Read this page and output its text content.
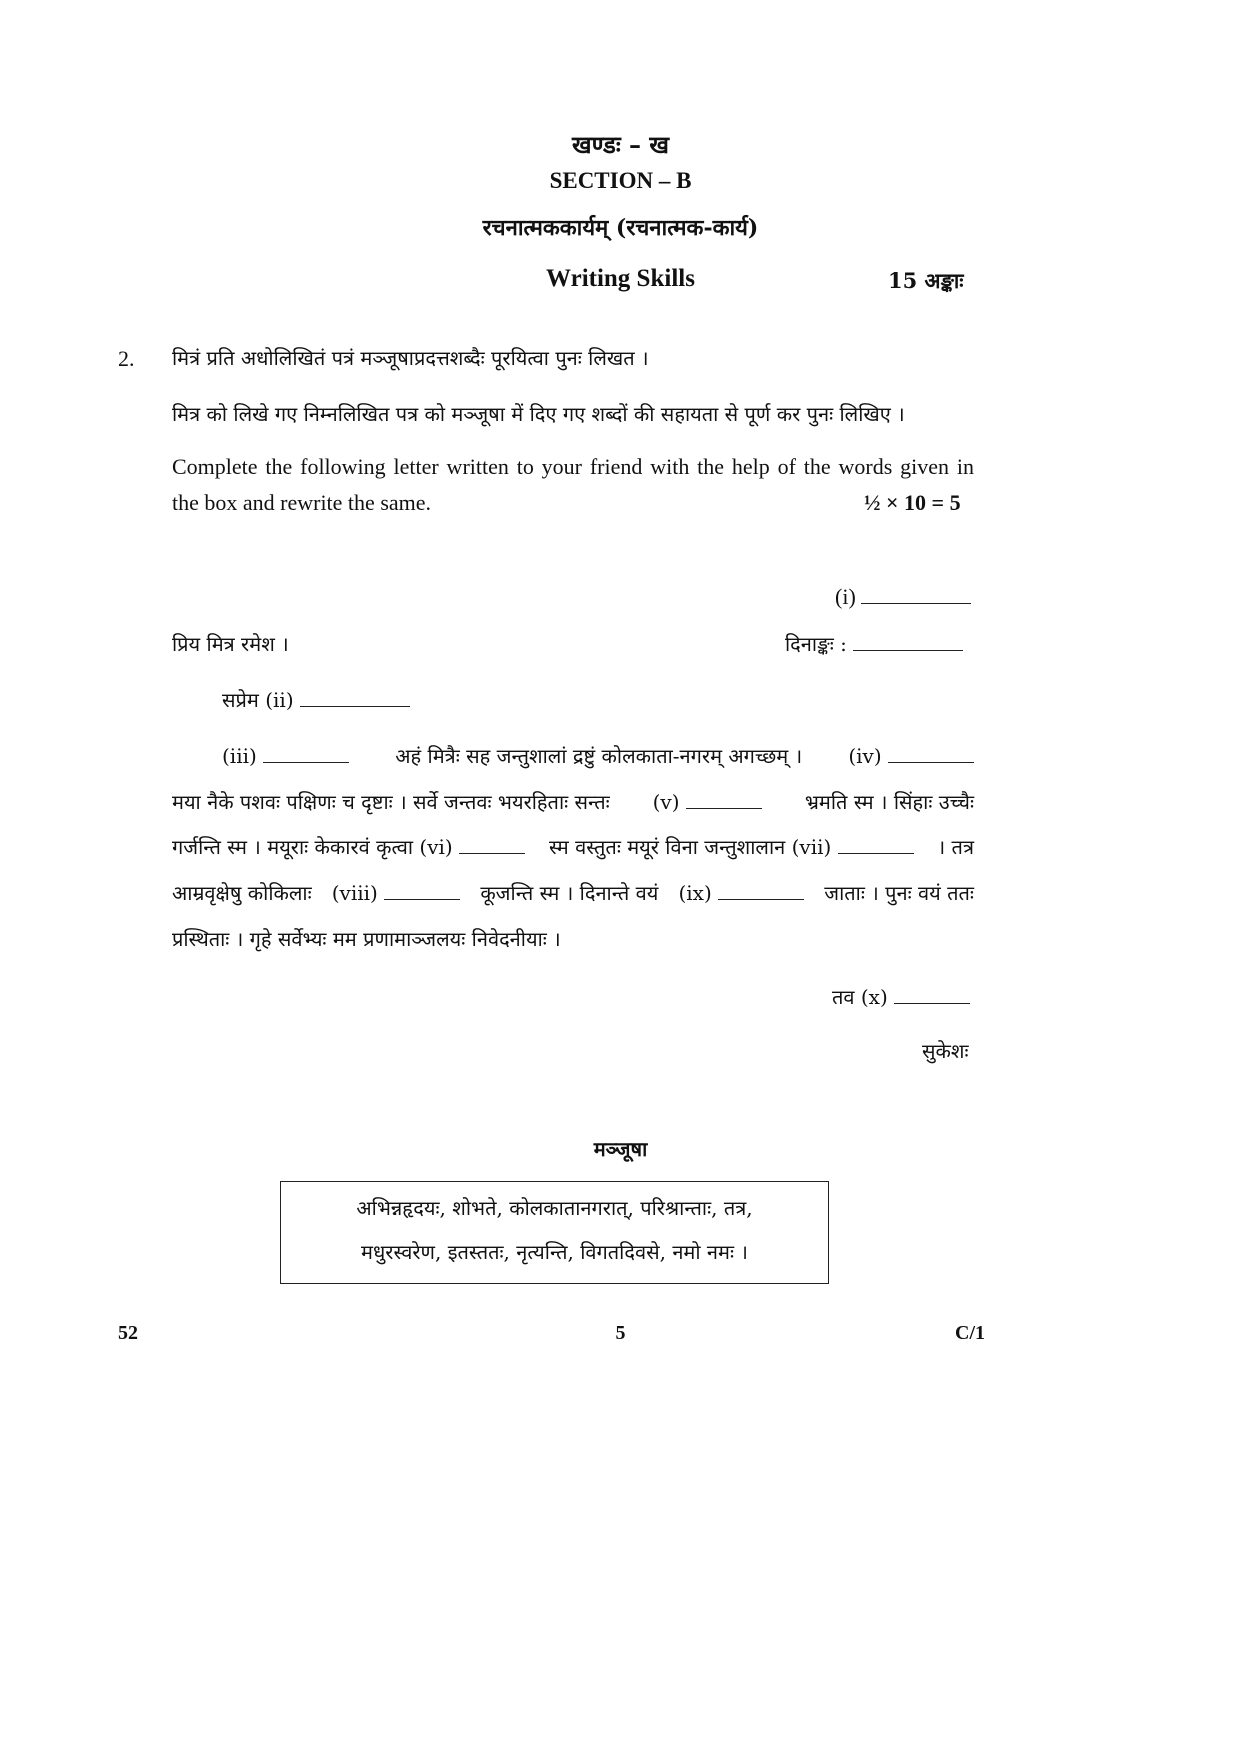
खण्डः – ख
SECTION – B
रचनात्मककार्यम् (रचनात्मक-कार्य)
Writing Skills	15 अङ्काः
2. मित्रं प्रति अधोलिखितं पत्रं मञ्जूषाप्रदत्तशब्दैः पूरयित्वा पुनः लिखत ।
मित्र को लिखे गए निम्नलिखित पत्र को मञ्जूषा में दिए गए शब्दों की सहायता से पूर्ण कर पुनः लिखिए ।
Complete the following letter written to your friend with the help of the words given in
the box and rewrite the same.	½ × 10 = 5
(i)
प्रिय मित्र रमेश ।	दिनाङ्कः :
सप्रेम (ii)
(iii)	अहं मित्रैः सह जन्तुशालां द्रष्टुं कोलकाता-नगरम् अगच्छम् । (iv)
मया नैके पशवः पक्षिणः च दृष्टाः । सर्वे जन्तवः भयरहिताः सन्तः (v)	भ्रमति स्म । सिंहाः उच्चैः
गर्जन्ति स्म । मयूराः केकारवं कृत्वा (vi)	स्म वस्तुतः मयूरं विना जन्तुशालान (vii)	। तत्र
आम्रवृक्षेषु कोकिलाः (viii)	कूजन्ति स्म । दिनान्ते वयं (ix)	जाताः । पुनः वयं ततः
प्रस्थिताः । गृहे सर्वेभ्यः मम प्रणामाञ्जलयः निवेदनीयाः ।
तव (x)
सुकेशः
मञ्जूषा
अभिन्नहृदयः, शोभते, कोलकातानगरात्, परिश्रान्ताः, तत्र,
मधुरस्वरेण, इतस्ततः, नृत्यन्ति, विगतदिवसे, नमो नमः ।
52	5	C/1
